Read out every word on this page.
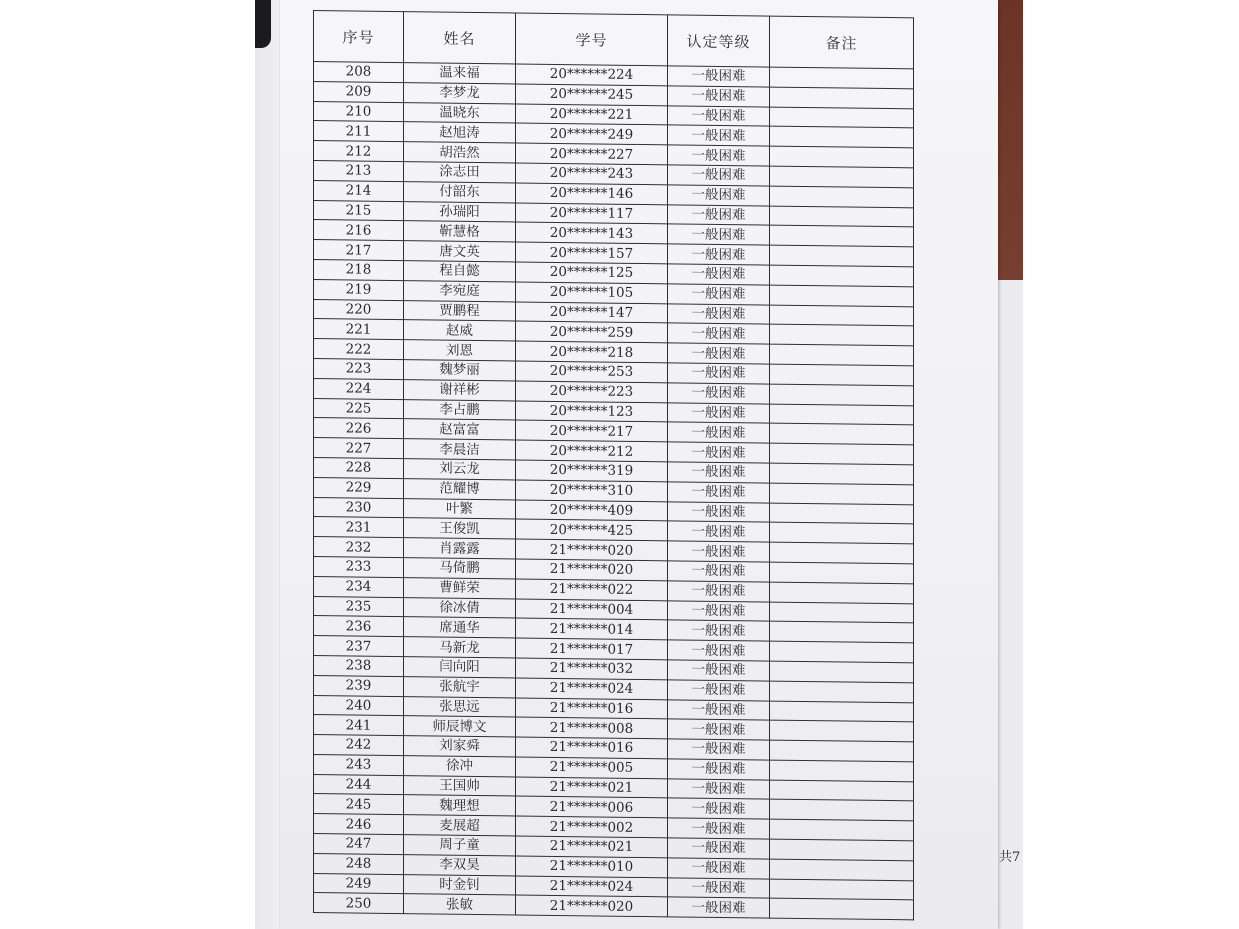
共7
序号	姓名	学号	认定等级	备注
208	温来福	20******224	一般困难	
209	李梦龙	20******245	一般困难	
210	温晓东	20******221	一般困难	
211	赵旭涛	20******249	一般困难	
212	胡浩然	20******227	一般困难	
213	涂志田	20******243	一般困难	
214	付韶东	20******146	一般困难	
215	孙瑞阳	20******117	一般困难	
216	靳慧格	20******143	一般困难	
217	唐文英	20******157	一般困难	
218	程自懿	20******125	一般困难	
219	李宛庭	20******105	一般困难	
220	贾鹏程	20******147	一般困难	
221	赵威	20******259	一般困难	
222	刘恩	20******218	一般困难	
223	魏梦丽	20******253	一般困难	
224	谢祥彬	20******223	一般困难	
225	李占鹏	20******123	一般困难	
226	赵富富	20******217	一般困难	
227	李晨洁	20******212	一般困难	
228	刘云龙	20******319	一般困难	
229	范耀博	20******310	一般困难	
230	叶繁	20******409	一般困难	
231	王俊凯	20******425	一般困难	
232	肖露露	21******020	一般困难	
233	马倚鹏	21******020	一般困难	
234	曹鲜荣	21******022	一般困难	
235	徐冰倩	21******004	一般困难	
236	席通华	21******014	一般困难	
237	马新龙	21******017	一般困难	
238	闫向阳	21******032	一般困难	
239	张航宇	21******024	一般困难	
240	张思远	21******016	一般困难	
241	师辰博文	21******008	一般困难	
242	刘家舜	21******016	一般困难	
243	徐冲	21******005	一般困难	
244	王国帅	21******021	一般困难	
245	魏理想	21******006	一般困难	
246	麦展超	21******002	一般困难	
247	周子童	21******021	一般困难	
248	李双昊	21******010	一般困难	
249	时金钊	21******024	一般困难	
250	张敏	21******020	一般困难	
